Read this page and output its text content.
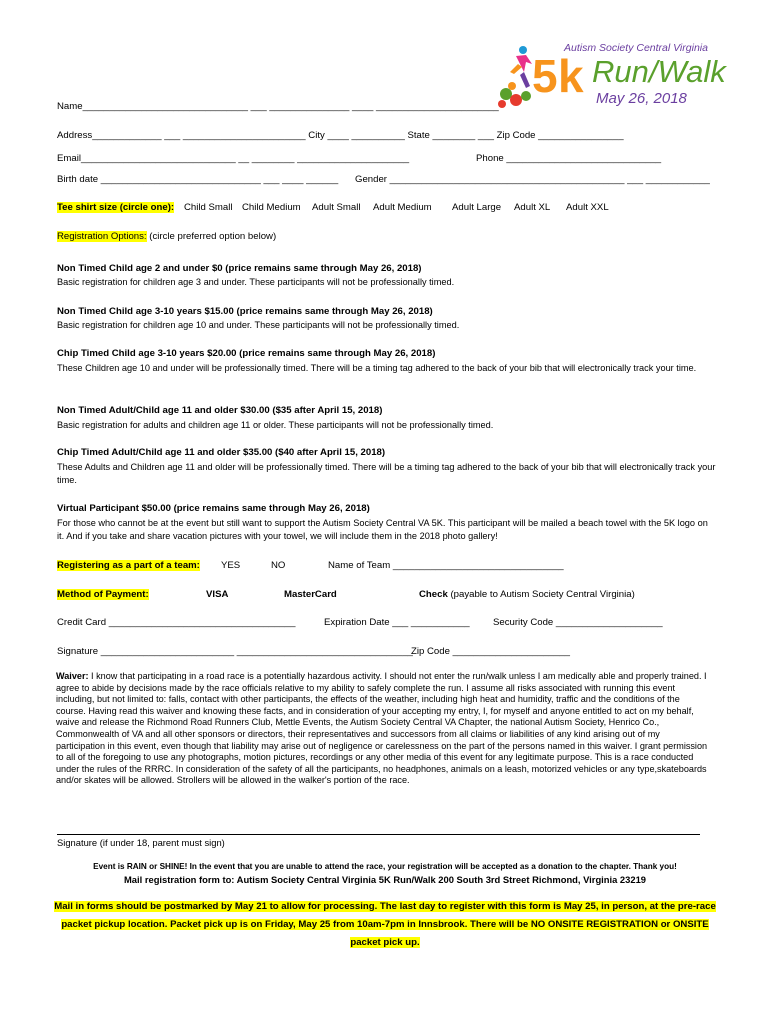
5 k
Autism Society Central Virginia
Run/Walk
May 26, 2018
Name_______________________________ ___ _______________ ____ _______________________
Address_____________ ___ _______________________ City ____ __________ State ________ ___ Zip Code ________________
Email_____________________________ __ ________ _____________________	Phone _____________________________
Birth date ______________________________ ___ ____ ______ Gender ____________________________________________ ___ ____________
Tee shirt size (circle one): Child Small Child Medium Adult Small Adult Medium Adult Large Adult XL Adult XXL
Registration Options: (circle preferred option below)
Non Timed Child age 2 and under $0 (price remains same through May 26, 2018)
Basic registration for children age 3 and under. These participants will not be professionally timed.
Non Timed Child age 3-10 years $15.00 (price remains same through May 26, 2018)
Basic registration for children age 10 and under. These participants will not be professionally timed.
Chip Timed Child age 3-10 years $20.00 (price remains same through May 26, 2018)
These Children age 10 and under will be professionally timed. There will be a timing tag adhered to the back of your bib that will electronically track your time.
Non Timed Adult/Child age 11 and older $30.00 ($35 after April 15, 2018)
Basic registration for adults and children age 11 or older. These participants will not be professionally timed.
Chip Timed Adult/Child age 11 and older $35.00 ($40 after April 15, 2018)
These Adults and Children age 11 and older will be professionally timed. There will be a timing tag adhered to the back of your bib that will electronically track your time.
Virtual Participant $50.00 (price remains same through May 26, 2018)
For those who cannot be at the event but still want to support the Autism Society Central VA 5K. This participant will be mailed a beach towel with the 5K logo on it. And if you take and share vacation pictures with your towel, we will include them in the 2018 photo gallery!
Registering as a part of a team: YES	NO	Name of Team ________________________________
Method of Payment:	VISA	MasterCard	Check (payable to Autism Society Central Virginia)
Credit Card ___________________________________	Expiration Date ___ ___________ Security Code ____________________
Signature _________________________ _________________________________
Zip Code ______________________
Waiver: I know that participating in a road race is a potentially hazardous activity. I should not enter the run/walk unless I am medically able and properly trained. I agree to abide by decisions made by the race officials relative to my ability to safely complete the run. I assume all risks associated with running this event including, but not limited to: falls, contact with other participants, the effects of the weather, including high heat and humidity, traffic and the conditions of the course. Having read this waiver and knowing these facts, and in consideration of your accepting my entry, I, for myself and anyone entitled to act on my behalf, waive and release the Richmond Road Runners Club, Mettle Events, the Autism Society Central VA Chapter, the national Autism Society, Henrico Co., Commonwealth of VA and all other sponsors or directors, their representatives and successors from all claims or liabilities of any kind arising out of my participation in this event, even though that liability may arise out of negligence or carelessness on the part of the persons named in this waiver. I grant permission to all of the foregoing to use any photographs, motion pictures, recordings or any other media of this event for any legitimate purpose. This is a race conducted under the rules of the RRRC. In consideration of the safety of all the participants, no headphones, animals on a leash, motorized vehicles or any type,skateboards and/or skates will be allowed. Strollers will be allowed in the walker's portion of the race.
Signature (if under 18, parent must sign)
Event is RAIN or SHINE! In the event that you are unable to attend the race, your registration will be accepted as a donation to the chapter. Thank you!
Mail registration form to: Autism Society Central Virginia 5K Run/Walk 200 South 3rd Street Richmond, Virginia 23219
Mail in forms should be postmarked by May 21 to allow for processing. The last day to register with this form is May 25, in person, at the pre-race packet pickup location. Packet pick up is on Friday, May 25 from 10am-7pm in Innsbrook. There will be NO ONSITE REGISTRATION or ONSITE packet pick up.
